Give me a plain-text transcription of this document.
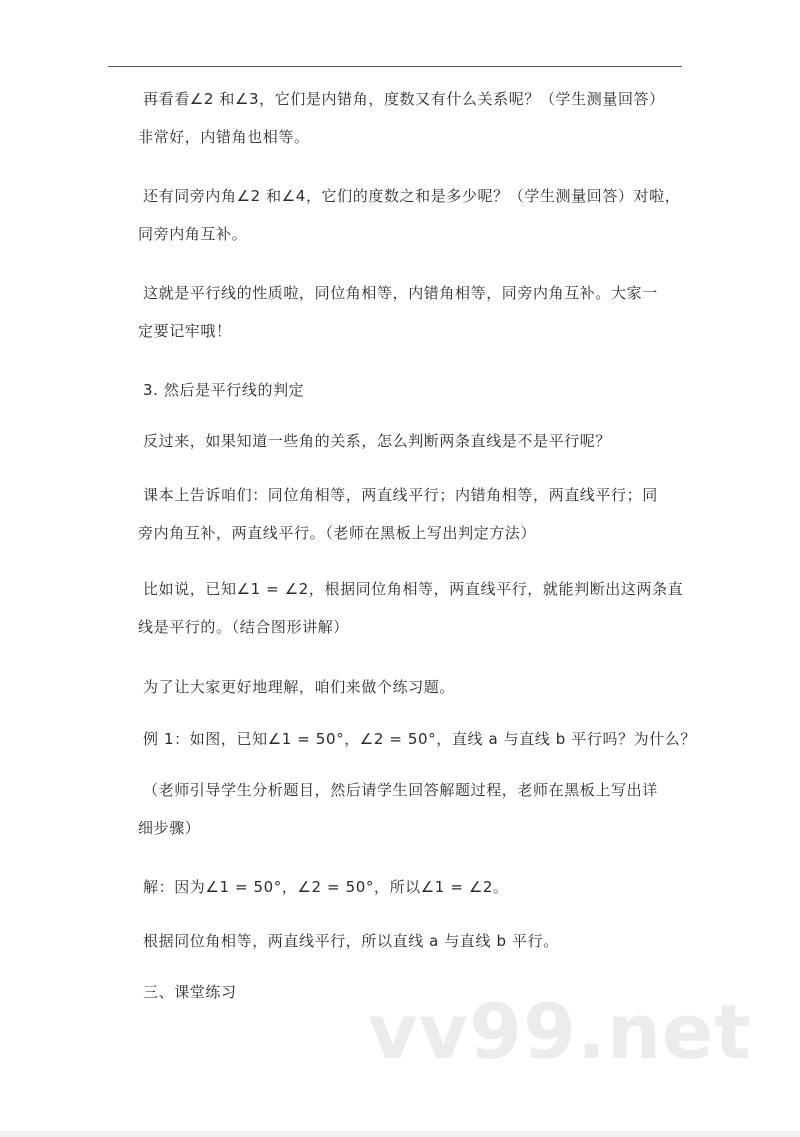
再看看∠2 和∠3，它们是内错角，度数又有什么关系呢？（学生测量回答）
非常好，内错角也相等。

还有同旁内角∠2 和∠4，它们的度数之和是多少呢？（学生测量回答）对啦，
同旁内角互补。

这就是平行线的性质啦，同位角相等，内错角相等，同旁内角互补。大家一
定要记牢哦！

3. 然后是平行线的判定

反过来，如果知道一些角的关系，怎么判断两条直线是不是平行呢？

课本上告诉咱们：同位角相等，两直线平行；内错角相等，两直线平行；同
旁内角互补，两直线平行。（老师在黑板上写出判定方法）

比如说，已知∠1 = ∠2，根据同位角相等，两直线平行，就能判断出这两条直
线是平行的。（结合图形讲解）

为了让大家更好地理解，咱们来做个练习题。

例 1：如图，已知∠1 = 50°，∠2 = 50°，直线 a 与直线 b 平行吗？为什么？

（老师引导学生分析题目，然后请学生回答解题过程，老师在黑板上写出详
细步骤）

解：因为∠1 = 50°，∠2 = 50°，所以∠1 = ∠2。

根据同位角相等，两直线平行，所以直线 a 与直线 b 平行。

三、课堂练习	vv99.net
